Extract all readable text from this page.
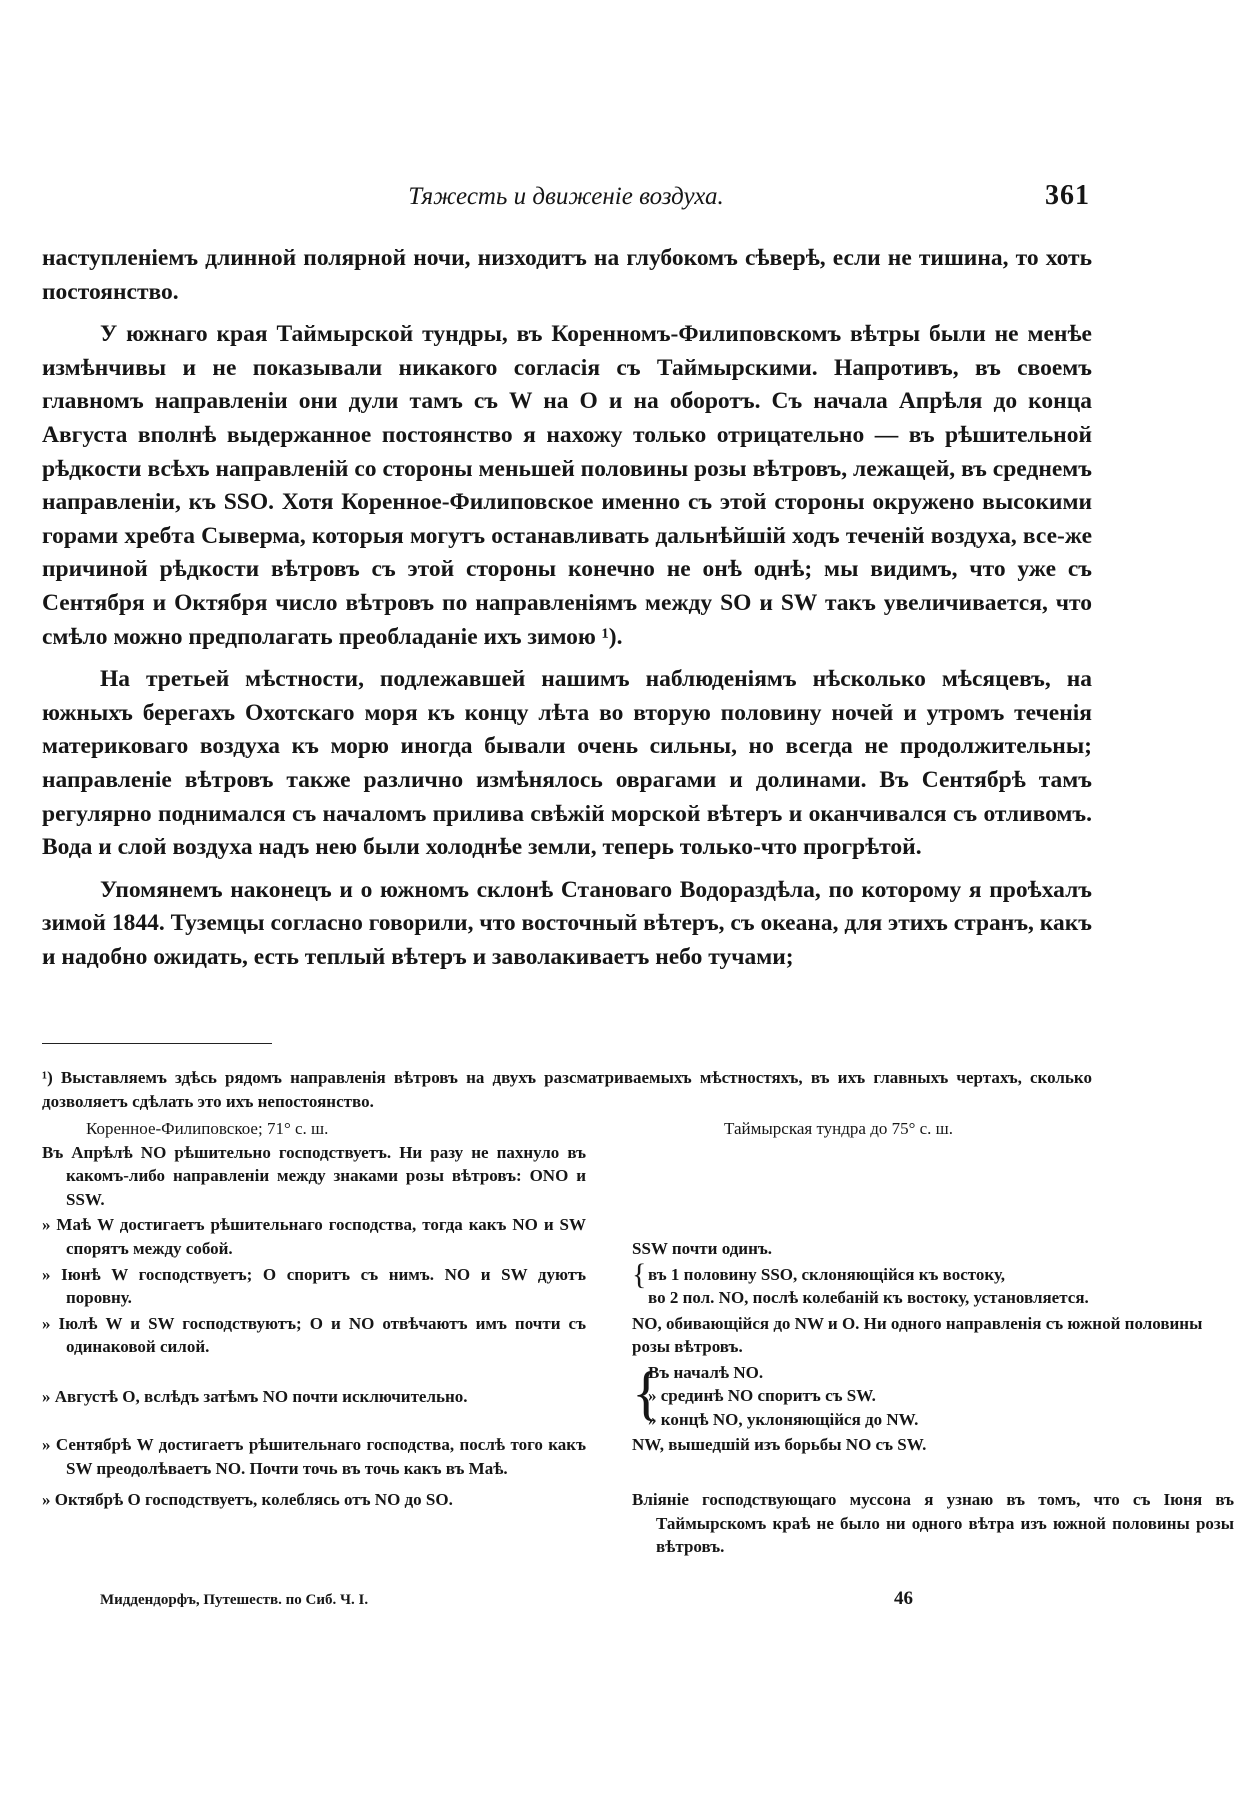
Тяжесть и движеніе воздуха.	361

наступленіемъ длинной полярной ночи, низходитъ на глубокомъ сѣверѣ, если не тишина, то хоть постоянство.

У южнаго края Таймырской тундры, въ Коренномъ-Филиповскомъ вѣтры были не менѣе измѣнчивы и не показывали никакого согласія съ Таймырскими. Напротивъ, въ своемъ главномъ направленіи они дули тамъ съ W на O и на оборотъ. Съ начала Апрѣля до конца Августа вполнѣ выдержанное постоянство я нахожу только отрицательно — въ рѣшительной рѣдкости всѣхъ направленій со стороны меньшей половины розы вѣтровъ, лежащей, въ среднемъ направленіи, къ SSO. Хотя Коренное-Филиповское именно съ этой стороны окружено высокими горами хребта Сыверма, которыя могутъ останавливать дальнѣйшій ходъ теченій воздуха, все-же причиной рѣдкости вѣтровъ съ этой стороны конечно не онѣ однѣ; мы видимъ, что уже съ Сентября и Октября число вѣтровъ по направленіямъ между SO и SW такъ увеличивается, что смѣло можно предполагать преобладаніе ихъ зимою ¹).

На третьей мѣстности, подлежавшей нашимъ наблюденіямъ нѣсколько мѣсяцевъ, на южныхъ берегахъ Охотскаго моря къ концу лѣта во вторую половину ночей и утромъ теченія материковаго воздуха къ морю иногда бывали очень сильны, но всегда не продолжительны; направленіе вѣтровъ также различно измѣнялось оврагами и долинами. Въ Сентябрѣ тамъ регулярно поднимался съ началомъ прилива свѣжій морской вѣтеръ и оканчивался съ отливомъ. Вода и слой воздуха надъ нею были холоднѣе земли, теперь только-что прогрѣтой.

Упомянемъ наконецъ и о южномъ склонѣ Становаго Водораздѣла, по которому я проѣхалъ зимой 1844. Туземцы согласно говорили, что восточный вѣтеръ, съ океана, для этихъ странъ, какъ и надобно ожидать, есть теплый вѣтеръ и заволакиваетъ небо тучами;

¹) Выставляемъ здѣсь рядомъ направленія вѣтровъ на двухъ разсматриваемыхъ мѣстностяхъ, въ ихъ главныхъ чертахъ, сколько дозволяетъ сдѣлать это ихъ непостоянство.

Коренное-Филиповское; 71° с. ш.	Таймырская тундра до 75° с. ш.

Въ Апрѣлѣ NO рѣшительно господствуетъ. Ни разу не пахнуло въ какомъ-либо направленіи между знаками розы вѣтровъ: ONO и SSW.	

» Маѣ W достигаетъ рѣшительнаго господства, тогда какъ NO и SW спорятъ между собой.	SSW почти одинъ.

» Іюнѣ W господствуетъ; O споритъ съ нимъ. NO и SW дуютъ поровну.	{ въ 1 половину SSO, склоняющійся къ востоку,
во 2 пол. NO, послѣ колебаній къ востоку, установляется.

» Іюлѣ W и SW господствуютъ; O и NO отвѣчаютъ имъ почти съ одинаковой силой.	NO, обивающійся до NW и O. Ни одного направленія съ южной половины розы вѣтровъ.

» Августѣ O, вслѣдъ затѣмъ NO почти исключительно.	{
Въ началѣ NO.
» срединѣ NO споритъ съ SW.
» концѣ NO, уклоняющійся до NW.

» Сентябрѣ W достигаетъ рѣшительнаго господства, послѣ того какъ SW преодолѣваетъ NO. Почти точь въ точь какъ въ Маѣ.	NW, вышедшій изъ борьбы NO съ SW.

» Октябрѣ O господствуетъ, колеблясь отъ NO до SO.	Вліяніе господствующаго муссона я узнаю въ томъ, что съ Іюня въ Таймырскомъ краѣ не было ни одного вѣтра изъ южной половины розы вѣтровъ.
Миддендорфъ, Путешеств. по Сиб. Ч. I.	46
